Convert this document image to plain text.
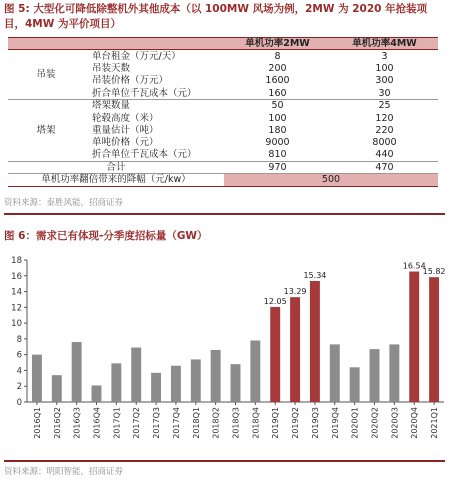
图 5: 大型化可降低除整机外其他成本（以 100MW 风场为例，2MW 为 2020 年抢装项目，4MW 为平价项目）
		单机功率2MW	单机功率4MW
吊装	单台租金（万元/天）	8	3
	吊装天数	200	100
	吊装价格（万元）	1600	300
	折合单位千瓦成本（元）	160	30
塔架	塔架数量	50	25
	轮毂高度（米）	100	120
	重量估计（吨）	180	220
	单吨价格（元）	9000	8000
	折合单位千瓦成本（元）	810	440
合计		970	470
单机功率翻倍带来的降幅（元/kw）		500	
资料来源：泰胜风能，招商证券
图 6：需求已有体现-分季度招标量（GW）
0
2
4
6
8
10
12
14
16
18
2016Q1 2016Q2 2016Q3 2016Q4 2017Q1 2017Q2 2017Q3 2017Q4 2018Q1 2018Q2 2018Q3 2018Q4
12.05
2019Q1
13.29
2019Q2
15.34
2019Q3 2019Q4 2020Q1 2020Q2 2020Q3
16.54
2020Q4
15.82
2021Q1
资料来源：明阳智能，招商证券
